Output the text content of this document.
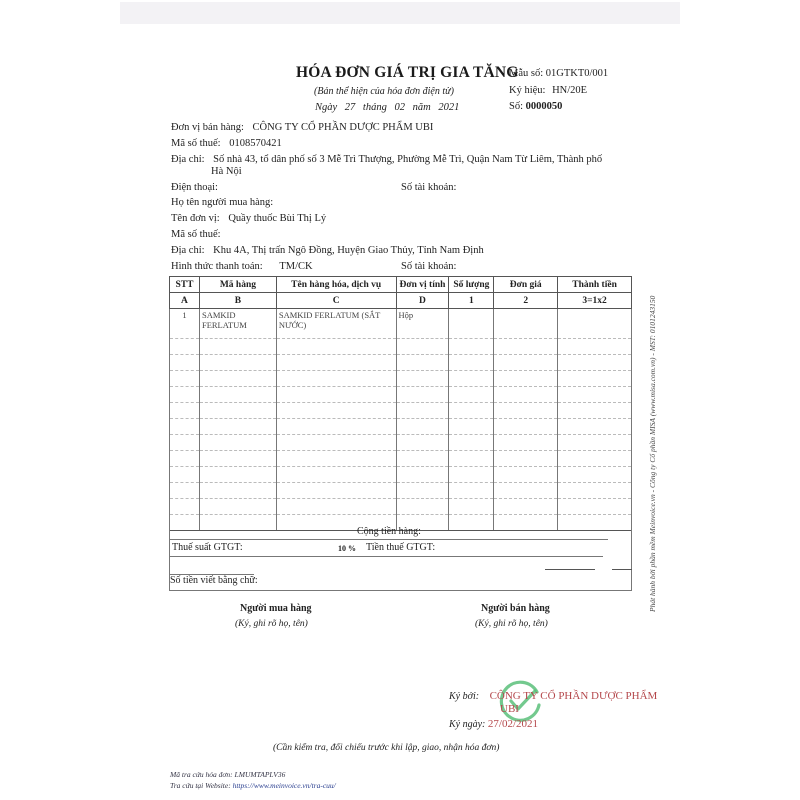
HÓA ĐƠN GIÁ TRỊ GIA TĂNG
(Bản thể hiện của hóa đơn điện tử)
Ngày 27 tháng 02 năm 2021
Mẫu số: 01GTKT0/001
Ký hiệu: HN/20E
Số: 0000050
Đơn vị bán hàng: CÔNG TY CỔ PHẦN DƯỢC PHẨM UBI
Mã số thuế: 0108570421
Địa chỉ: Số nhà 43, tổ dân phố số 3 Mễ Trì Thượng, Phường Mễ Trì, Quận Nam Từ Liêm, Thành phố
Hà Nội
Điện thoại:	Số tài khoản:
Họ tên người mua hàng:
Tên đơn vị: Quầy thuốc Bùi Thị Lý
Mã số thuế:
Địa chỉ: Khu 4A, Thị trấn Ngô Đồng, Huyện Giao Thủy, Tỉnh Nam Định
Hình thức thanh toán: TM/CK	Số tài khoản:
STT	Mã hàng	Tên hàng hóa, dịch vụ	Đơn vị tính	Số lượng	Đơn giá	Thành tiền
A	B	C	D	1	2	3=1x2
1	SAMKID FERLATUM	SAMKID FERLATUM (SẮT NƯỚC)	Hộp			

Cộng tiền hàng:
Thuế suất GTGT:	10 % Tiền thuế GTGT:
Số tiền viết bằng chữ:
Người mua hàng
(Ký, ghi rõ họ, tên)
Người bán hàng
(Ký, ghi rõ họ, tên)
Ký bởi: CÔNG TY CỔ PHẦN DƯỢC PHẨM
UBI
Ký ngày: 27/02/2021
(Cần kiểm tra, đối chiếu trước khi lập, giao, nhận hóa đơn)
Mã tra cứu hóa đơn: LMUMTAPLV36
Tra cứu tại Website: https://www.meinvoice.vn/tra-cuu/
Phát hành bởi phần mềm Meinvoice.vn - Công ty Cổ phần MISA (www.misa.com.vn) - MST: 0101243150
